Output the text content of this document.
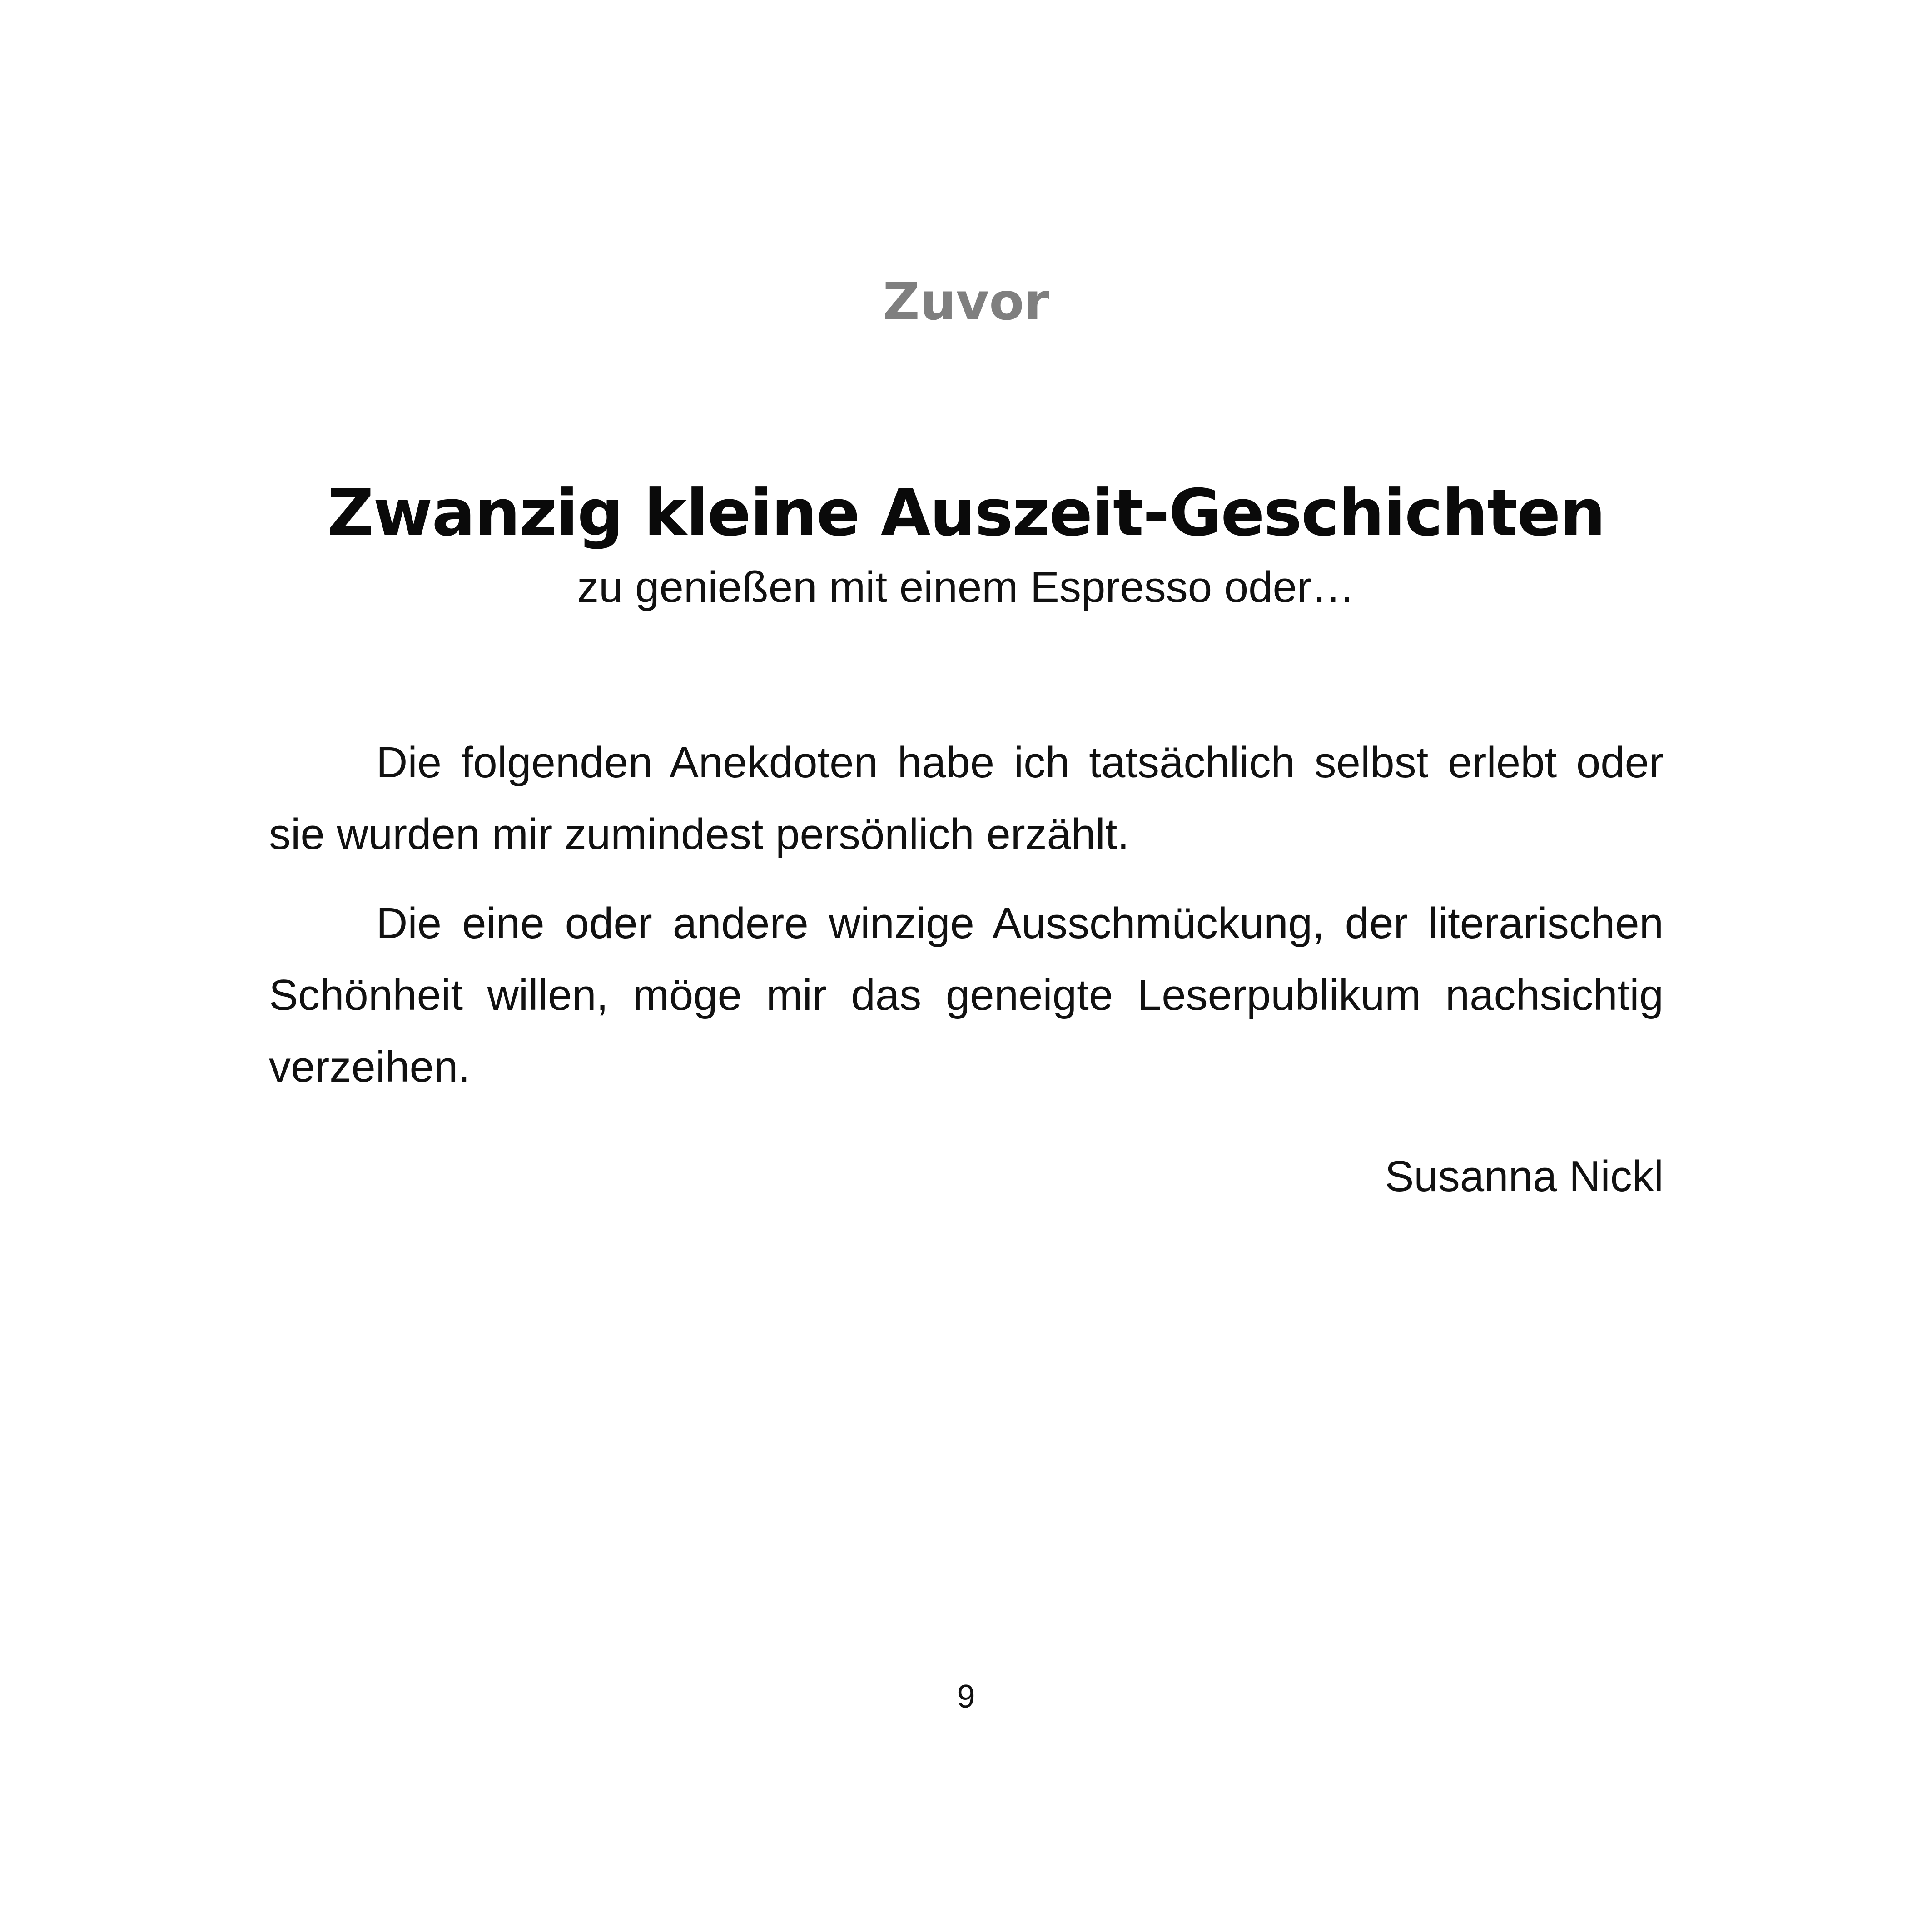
Zuvor
Zwanzig kleine Auszeit-Geschichten
zu genießen mit einem Espresso oder…

Die folgenden Anekdoten habe ich tatsächlich selbst erlebt oder sie wurden mir zumindest persönlich erzählt.

Die eine oder andere winzige Ausschmückung, der literarischen Schönheit willen, möge mir das geneigte Leserpublikum nachsichtig verzeihen.

Susanna Nickl
9
